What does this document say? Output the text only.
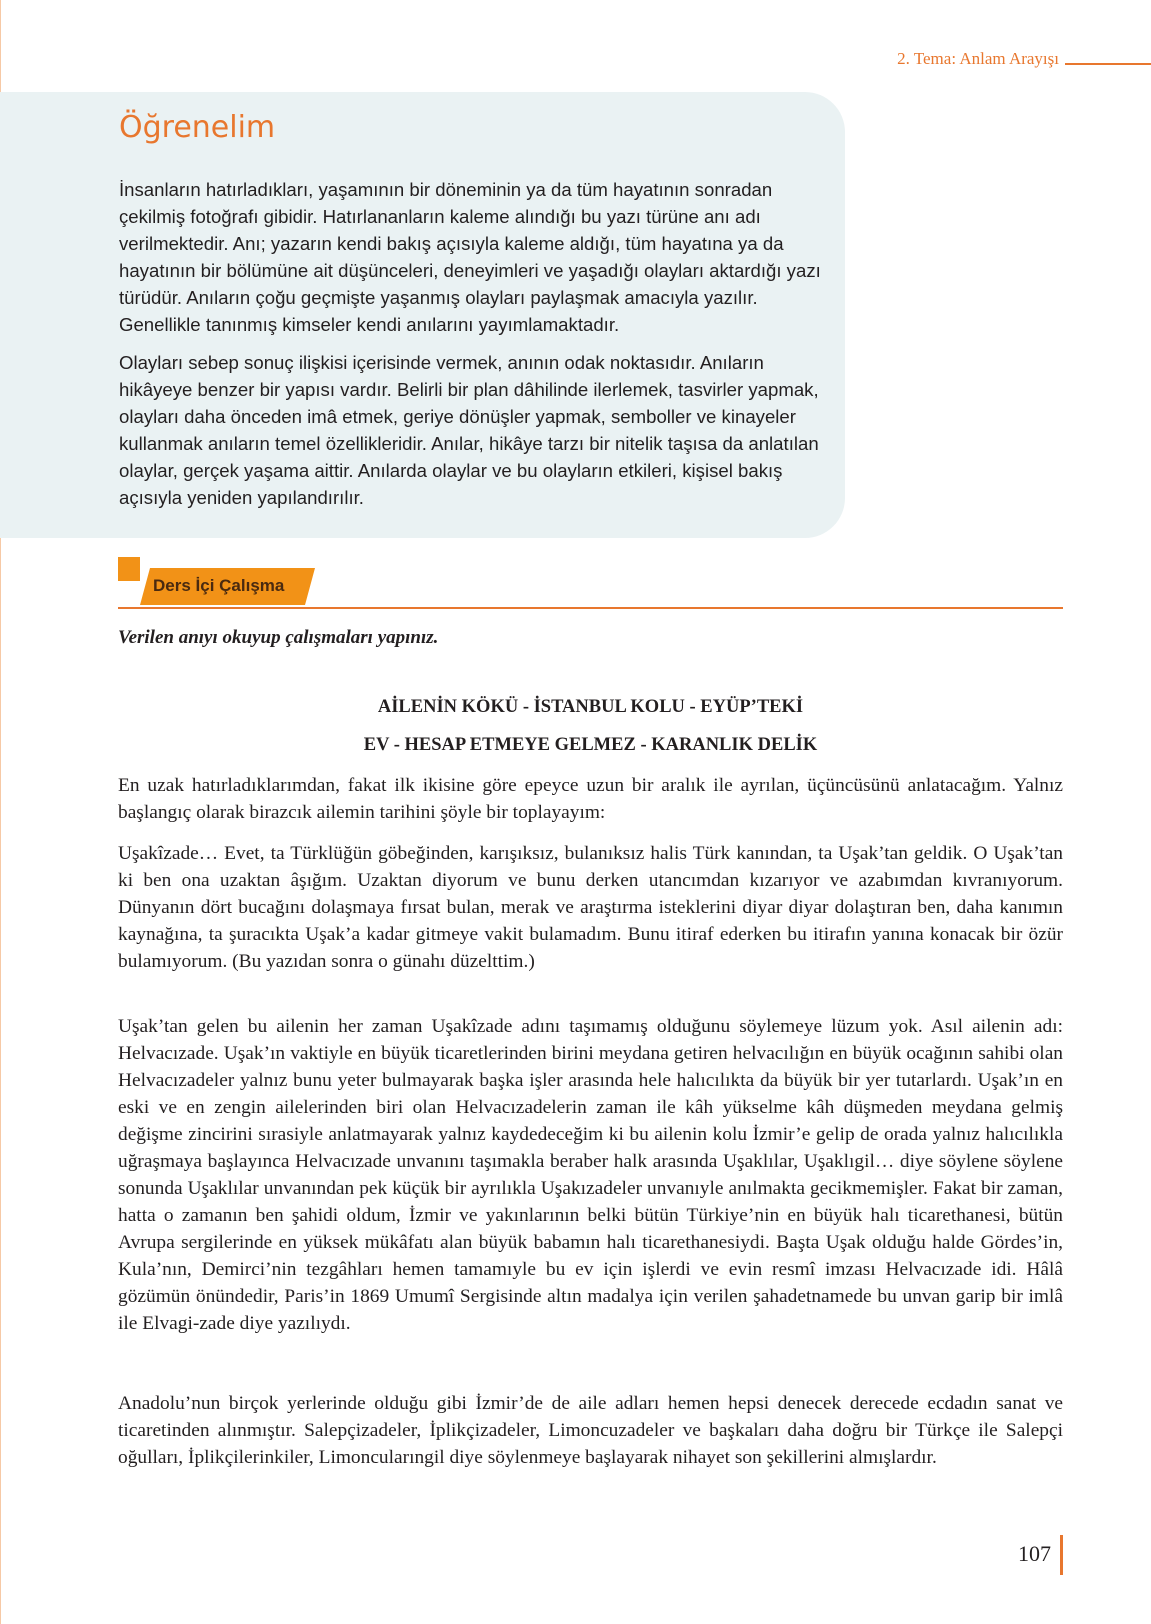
2. Tema: Anlam Arayışı
Öğrenelim

İnsanların hatırladıkları, yaşamının bir döneminin ya da tüm hayatının sonradan çekilmiş fotoğrafı gibidir. Hatırlananların kaleme alındığı bu yazı türüne anı adı verilmektedir. Anı; yazarın kendi bakış açısıyla kaleme aldığı, tüm hayatına ya da hayatının bir bölümüne ait düşünceleri, deneyimleri ve yaşadığı olayları aktardığı yazı türüdür. Anıların çoğu geçmişte yaşanmış olayları paylaşmak amacıyla yazılır. Genellikle tanınmış kimseler kendi anılarını yayımlamaktadır.

Olayları sebep sonuç ilişkisi içerisinde vermek, anının odak noktasıdır. Anıların hikâyeye benzer bir yapısı vardır. Belirli bir plan dâhilinde ilerlemek, tasvirler yapmak, olayları daha önceden imâ etmek, geriye dönüşler yapmak, semboller ve kinayeler kullanmak anıların temel özellikleridir. Anılar, hikâye tarzı bir nitelik taşısa da anlatılan olaylar, gerçek yaşama aittir. Anılarda olaylar ve bu olayların etkileri, kişisel bakış açısıyla yeniden yapılandırılır.

Ders İçi Çalışma

Verilen anıyı okuyup çalışmaları yapınız.

AİLENİN KÖKÜ - İSTANBUL KOLU - EYÜP’TEKİ

EV - HESAP ETMEYE GELMEZ - KARANLIK DELİK

En uzak hatırladıklarımdan, fakat ilk ikisine göre epeyce uzun bir aralık ile ayrılan, üçüncüsünü anlatacağım. Yalnız başlangıç olarak birazcık ailemin tarihini şöyle bir toplayayım:

Uşakîzade… Evet, ta Türklüğün göbeğinden, karışıksız, bulanıksız halis Türk kanından, ta Uşak’tan geldik. O Uşak’tan ki ben ona uzaktan âşığım. Uzaktan diyorum ve bunu derken utancımdan kızarıyor ve azabımdan kıvranıyorum. Dünyanın dört bucağını dolaşmaya fırsat bulan, merak ve araştırma isteklerini diyar diyar dolaştıran ben, daha kanımın kaynağına, ta şuracıkta Uşak’a kadar gitmeye vakit bulamadım. Bunu itiraf ederken bu itirafın yanına konacak bir özür bulamıyorum. (Bu yazıdan sonra o günahı düzelttim.)

Uşak’tan gelen bu ailenin her zaman Uşakîzade adını taşımamış olduğunu söylemeye lüzum yok. Asıl ailenin adı: Helvacızade. Uşak’ın vaktiyle en büyük ticaretlerinden birini meydana getiren helvacılığın en büyük ocağının sahibi olan Helvacızadeler yalnız bunu yeter bulmayarak başka işler arasında hele halıcılıkta da büyük bir yer tutarlardı. Uşak’ın en eski ve en zengin ailelerinden biri olan Helvacızadelerin zaman ile kâh yükselme kâh düşmeden meydana gelmiş değişme zincirini sırasiyle anlatmayarak yalnız kaydedeceğim ki bu ailenin kolu İzmir’e gelip de orada yalnız halıcılıkla uğraşmaya başlayınca Helvacızade unvanını taşımakla beraber halk arasında Uşaklılar, Uşaklıgil… diye söylene söylene sonunda Uşaklılar unvanından pek küçük bir ayrılıkla Uşakızadeler unvanıyle anılmakta gecikmemişler. Fakat bir zaman, hatta o zamanın ben şahidi oldum, İzmir ve yakınlarının belki bütün Türkiye’nin en büyük halı ticarethanesi, bütün Avrupa sergilerinde en yüksek mükâfatı alan büyük babamın halı ticarethanesiydi. Başta Uşak olduğu halde Gördes’in, Kula’nın, Demirci’nin tezgâhları hemen tamamıyle bu ev için işlerdi ve evin resmî imzası Helvacızade idi. Hâlâ gözümün önündedir, Paris’in 1869 Umumî Sergisinde altın madalya için verilen şahadetnamede bu unvan garip bir imlâ ile Elvagi-zade diye yazılıydı.

Anadolu’nun birçok yerlerinde olduğu gibi İzmir’de de aile adları hemen hepsi denecek derecede ecdadın sanat ve ticaretinden alınmıştır. Salepçizadeler, İplikçizadeler, Limoncuzadeler ve başkaları daha doğru bir Türkçe ile Salepçi oğulları, İplikçilerinkiler, Limoncularıngil diye söylenmeye başlayarak nihayet son şekillerini almışlardır.

107
